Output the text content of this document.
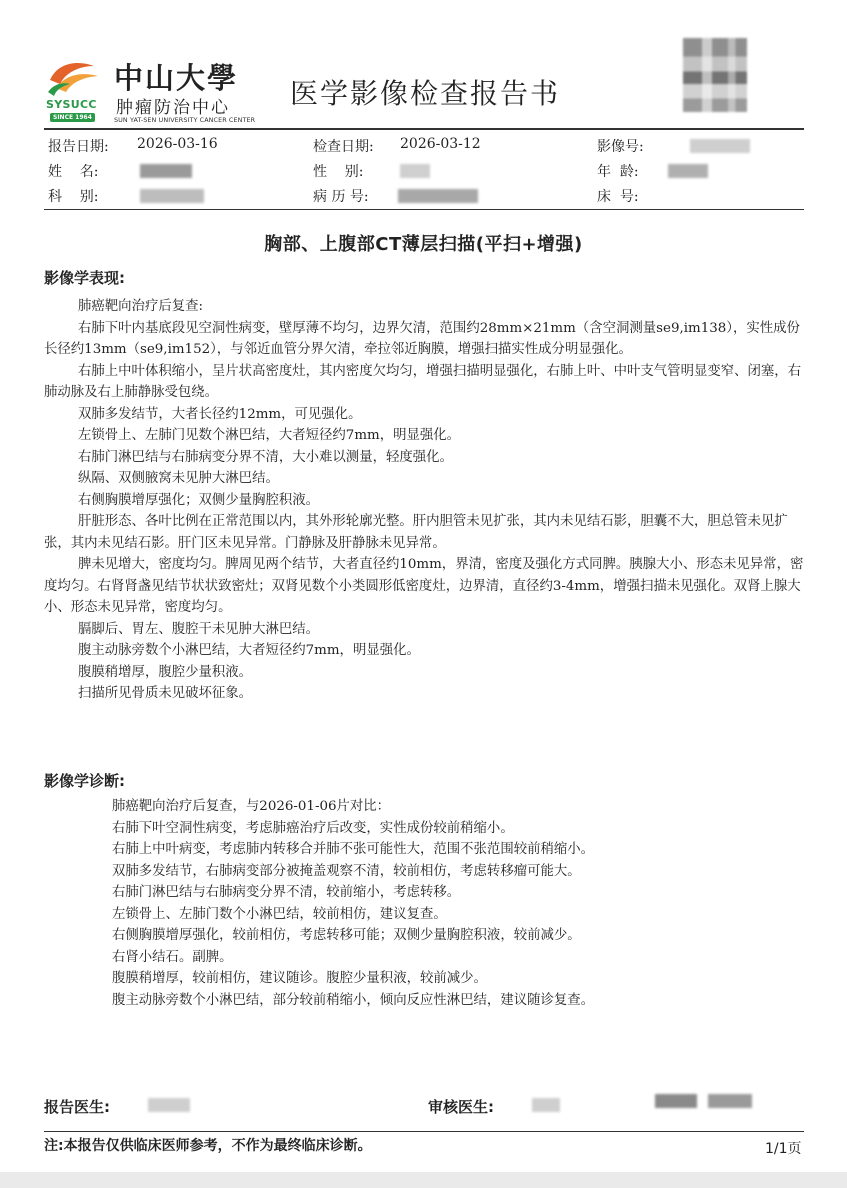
SYSUCC
SINCE 1964
中山大學
肿瘤防治中心
SUN YAT-SEN UNIVERSITY CANCER CENTER
医学影像检查报告书
报告日期: 2026-03-16	检查日期: 2026-03-12	影像号:
姓    名:	性    别:	年  龄:
科    别:	病 历 号:	床  号:
胸部、上腹部CT薄层扫描(平扫+增强)
影像学表现:

肺癌靶向治疗后复查:

右肺下叶内基底段见空洞性病变，壁厚薄不均匀，边界欠清，范围约28mm×21mm（含空洞测量se9,im138），实性成份长径约13mm（se9,im152），与邻近血管分界欠清，牵拉邻近胸膜，增强扫描实性成分明显强化。

右肺上中叶体积缩小，呈片状高密度灶，其内密度欠均匀，增强扫描明显强化，右肺上叶、中叶支气管明显变窄、闭塞，右肺动脉及右上肺静脉受包绕。

双肺多发结节，大者长径约12mm，可见强化。

左锁骨上、左肺门见数个淋巴结，大者短径约7mm，明显强化。

右肺门淋巴结与右肺病变分界不清，大小难以测量，轻度强化。

纵隔、双侧腋窝未见肿大淋巴结。

右侧胸膜增厚强化；双侧少量胸腔积液。

肝脏形态、各叶比例在正常范围以内，其外形轮廓光整。肝内胆管未见扩张，其内未见结石影，胆囊不大，胆总管未见扩张，其内未见结石影。肝门区未见异常。门静脉及肝静脉未见异常。

脾未见增大，密度均匀。脾周见两个结节，大者直径约10mm，界清，密度及强化方式同脾。胰腺大小、形态未见异常，密度均匀。右肾肾盏见结节状状致密灶；双肾见数个小类圆形低密度灶，边界清，直径约3-4mm，增强扫描未见强化。双肾上腺大小、形态未见异常，密度均匀。

膈脚后、胃左、腹腔干未见肿大淋巴结。

腹主动脉旁数个小淋巴结，大者短径约7mm，明显强化。

腹膜稍增厚，腹腔少量积液。

扫描所见骨质未见破坏征象。

影像学诊断:

肺癌靶向治疗后复查，与2026-01-06片对比：

右肺下叶空洞性病变，考虑肺癌治疗后改变，实性成份较前稍缩小。

右肺上中叶病变，考虑肺内转移合并肺不张可能性大，范围不张范围较前稍缩小。

双肺多发结节，右肺病变部分被掩盖观察不清，较前相仿，考虑转移瘤可能大。

右肺门淋巴结与右肺病变分界不清，较前缩小，考虑转移。

左锁骨上、左肺门数个小淋巴结，较前相仿，建议复查。

右侧胸膜增厚强化，较前相仿，考虑转移可能；双侧少量胸腔积液，较前减少。

右肾小结石。副脾。

腹膜稍增厚，较前相仿，建议随诊。腹腔少量积液，较前减少。

腹主动脉旁数个小淋巴结，部分较前稍缩小，倾向反应性淋巴结，建议随诊复查。

报告医生:	审核医生:
注:本报告仅供临床医师参考，不作为最终临床诊断。	1/1页
